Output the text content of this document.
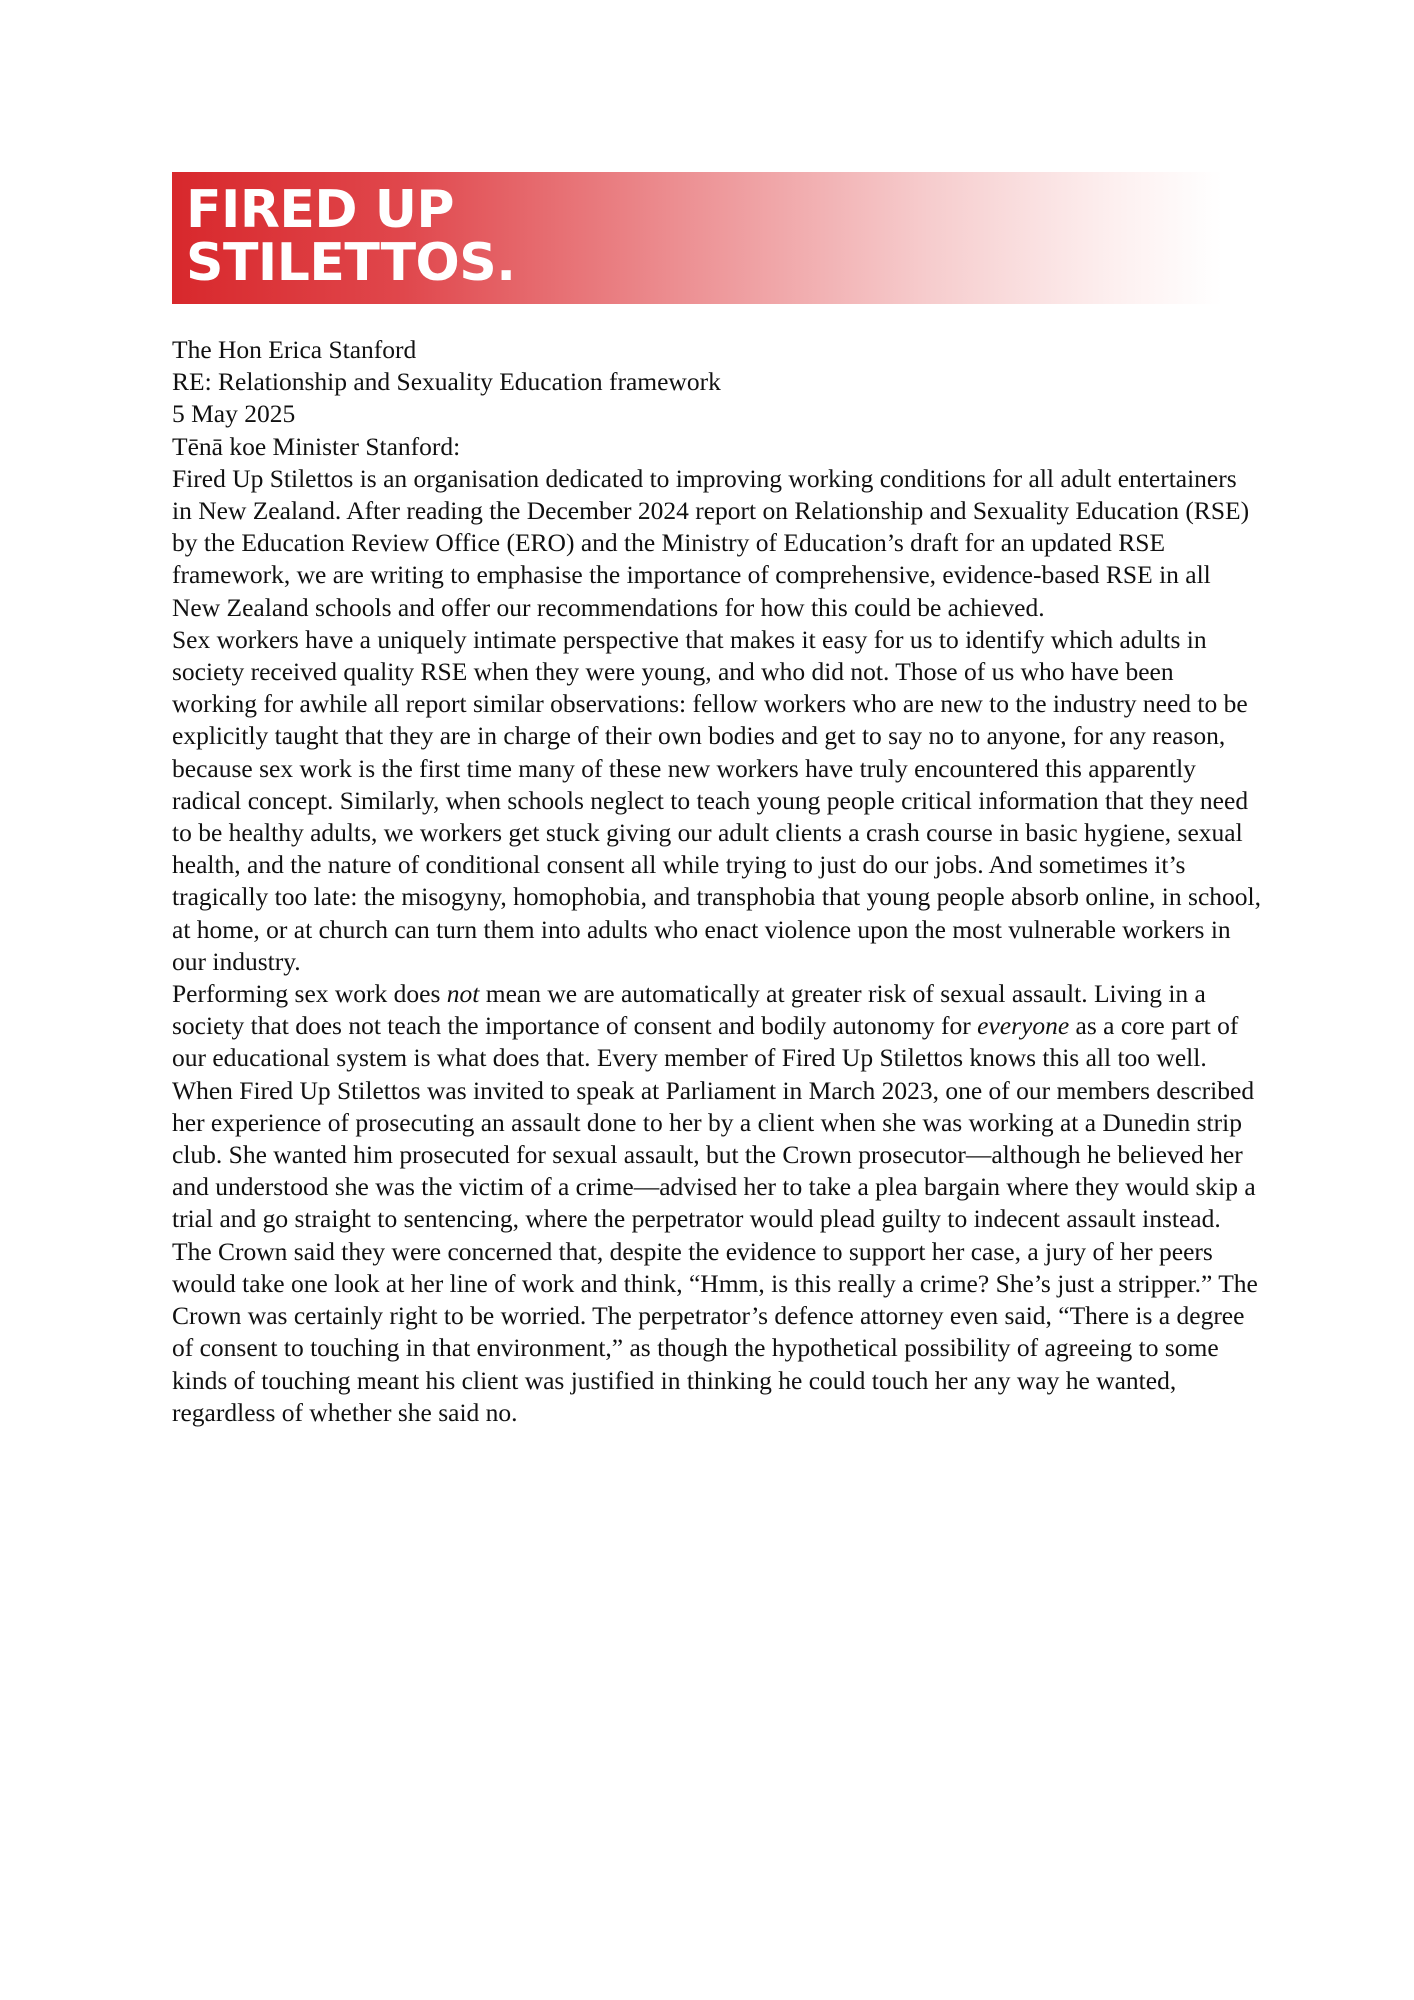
FIRED UP
STILETTOS.

The Hon Erica Stanford

RE: Relationship and Sexuality Education framework

5 May 2025

Tēnā koe Minister Stanford:

Fired Up Stilettos is an organisation dedicated to improving working conditions for all adult entertainers in New Zealand. After reading the December 2024 report on Relationship and Sexuality Education (RSE) by the Education Review Office (ERO) and the Ministry of Education’s draft for an updated RSE framework, we are writing to emphasise the importance of comprehensive, evidence-based RSE in all New Zealand schools and offer our recommendations for how this could be achieved.

Sex workers have a uniquely intimate perspective that makes it easy for us to identify which adults in society received quality RSE when they were young, and who did not. Those of us who have been working for awhile all report similar observations: fellow workers who are new to the industry need to be explicitly taught that they are in charge of their own bodies and get to say no to anyone, for any reason, because sex work is the first time many of these new workers have truly encountered this apparently radical concept. Similarly, when schools neglect to teach young people critical information that they need to be healthy adults, we workers get stuck giving our adult clients a crash course in basic hygiene, sexual health, and the nature of conditional consent all while trying to just do our jobs. And sometimes it’s tragically too late: the misogyny, homophobia, and transphobia that young people absorb online, in school, at home, or at church can turn them into adults who enact violence upon the most vulnerable workers in our industry.

Performing sex work does not mean we are automatically at greater risk of sexual assault. Living in a society that does not teach the importance of consent and bodily autonomy for everyone as a core part of our educational system is what does that. Every member of Fired Up Stilettos knows this all too well.

When Fired Up Stilettos was invited to speak at Parliament in March 2023, one of our members described her experience of prosecuting an assault done to her by a client when she was working at a Dunedin strip club. She wanted him prosecuted for sexual assault, but the Crown prosecutor—although he believed her and understood she was the victim of a crime—advised her to take a plea bargain where they would skip a trial and go straight to sentencing, where the perpetrator would plead guilty to indecent assault instead. The Crown said they were concerned that, despite the evidence to support her case, a jury of her peers would take one look at her line of work and think, “Hmm, is this really a crime? She’s just a stripper.” The Crown was certainly right to be worried. The perpetrator’s defence attorney even said, “There is a degree of consent to touching in that environment,” as though the hypothetical possibility of agreeing to some kinds of touching meant his client was justified in thinking he could touch her any way he wanted, regardless of whether she said no.
